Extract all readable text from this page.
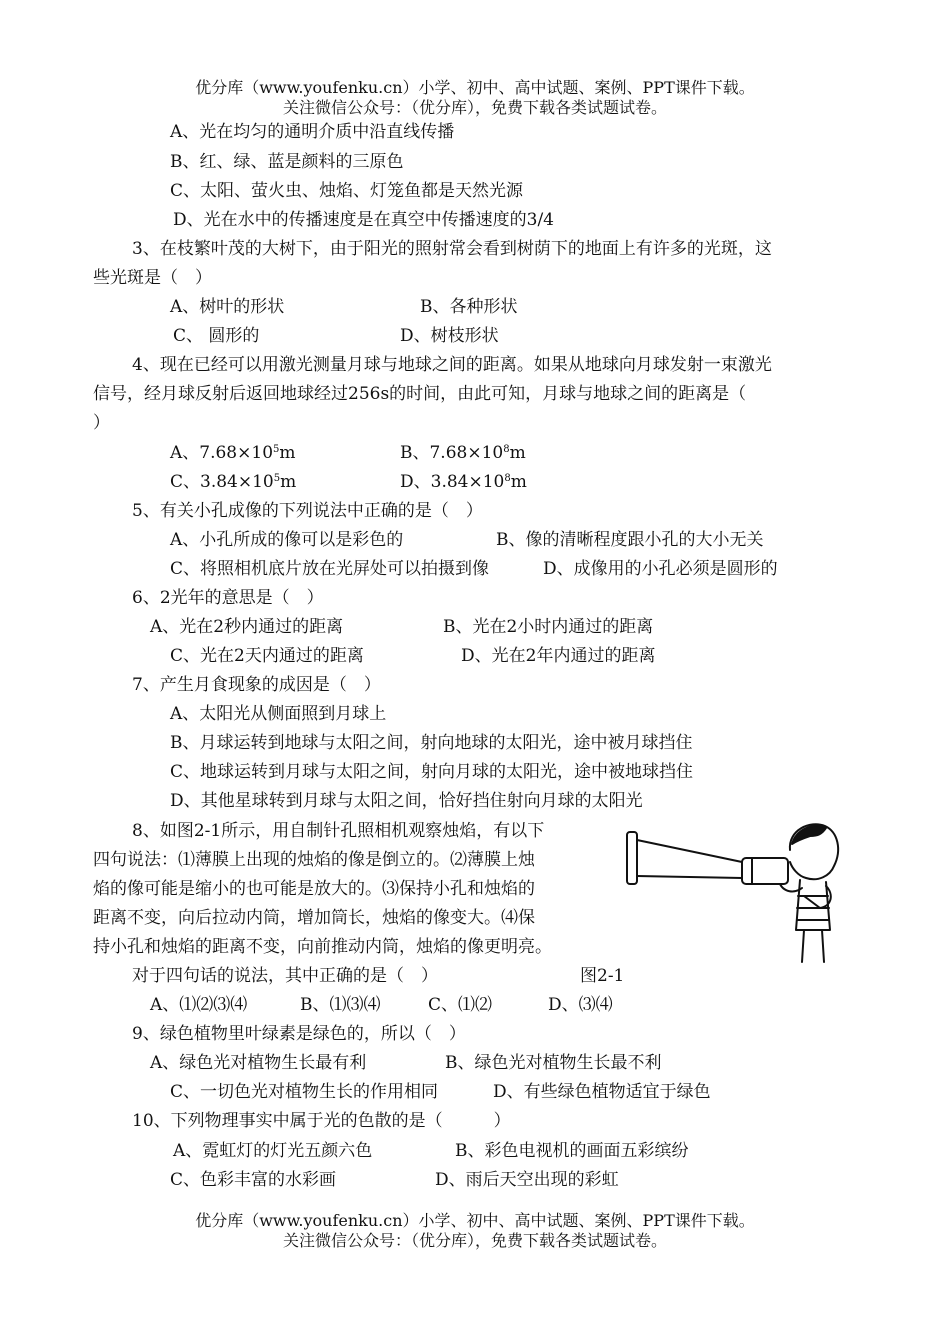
优分库（www.youfenku.cn）小学、初中、高中试题、案例、PPT课件下载。
关注微信公众号：（优分库），免费下载各类试题试卷。
A、光在均匀的通明介质中沿直线传播
B、红、绿、蓝是颜料的三原色
C、太阳、萤火虫、烛焰、灯笼鱼都是天然光源
D、光在水中的传播速度是在真空中传播速度的3/4
3、在枝繁叶茂的大树下，由于阳光的照射常会看到树荫下的地面上有许多的光斑，这
些光斑是（　）
A、树叶的形状	B、各种形状
C、 圆形的	D、树枝形状
4、现在已经可以用激光测量月球与地球之间的距离。如果从地球向月球发射一束激光
信号，经月球反射后返回地球经过256s的时间，由此可知，月球与地球之间的距离是（
）
A、$7.68\times 10^5m$	B、$7.68\times 10^8m$
C、$3.84\times 10^5m$	D、$3.84\times 10^8m$
5、有关小孔成像的下列说法中正确的是（　）
A、小孔所成的像可以是彩色的	B、像的清晰程度跟小孔的大小无关
C、将照相机底片放在光屏处可以拍摄到像	D、成像用的小孔必须是圆形的
6、2光年的意思是（　）
A、光在2秒内通过的距离	B、光在2小时内通过的距离
C、光在2天内通过的距离	D、光在2年内通过的距离
7、产生月食现象的成因是（　）
A、太阳光从侧面照到月球上
B、月球运转到地球与太阳之间，射向地球的太阳光，途中被月球挡住
C、地球运转到月球与太阳之间，射向月球的太阳光，途中被地球挡住
D、其他星球转到月球与太阳之间，恰好挡住射向月球的太阳光
8、如图2-1所示，用自制针孔照相机观察烛焰，有以下
四句说法：⑴薄膜上出现的烛焰的像是倒立的。⑵薄膜上烛
焰的像可能是缩小的也可能是放大的。⑶保持小孔和烛焰的
距离不变，向后拉动内筒，增加筒长，烛焰的像变大。⑷保
持小孔和烛焰的距离不变，向前推动内筒，烛焰的像更明亮。
对于四句话的说法，其中正确的是（　）	图2-1
A、⑴⑵⑶⑷	B、⑴⑶⑷	C、⑴⑵	D、⑶⑷
9、绿色植物里叶绿素是绿色的，所以（　）
A、绿色光对植物生长最有利	B、绿色光对植物生长最不利
C、一切色光对植物生长的作用相同	D、有些绿色植物适宜于绿色
10、下列物理事实中属于光的色散的是（　　　）
A、霓虹灯的灯光五颜六色	B、彩色电视机的画面五彩缤纷
C、色彩丰富的水彩画	D、雨后天空出现的彩虹
优分库（www.youfenku.cn）小学、初中、高中试题、案例、PPT课件下载。
关注微信公众号：（优分库），免费下载各类试题试卷。
